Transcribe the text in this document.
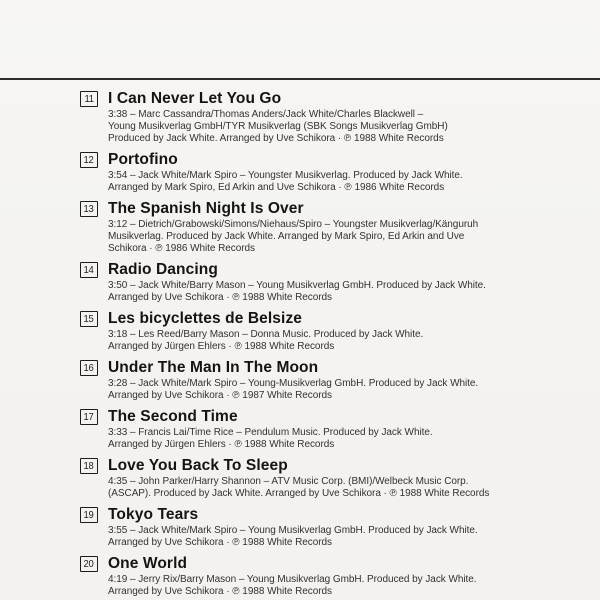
11 I Can Never Let You Go
3:38 – Marc Cassandra/Thomas Anders/Jack White/Charles Blackwell –
Young Musikverlag GmbH/TYR Musikverlag (SBK Songs Musikverlag GmbH)
Produced by Jack White. Arranged by Uve Schikora · ℗ 1988 White Records
12 Portofino
3:54 – Jack White/Mark Spiro – Youngster Musikverlag. Produced by Jack White.
Arranged by Mark Spiro, Ed Arkin and Uve Schikora · ℗ 1986 White Records
13 The Spanish Night Is Over
3:12 – Dietrich/Grabowski/Simons/Niehaus/Spiro – Youngster Musikverlag/Känguruh
Musikverlag. Produced by Jack White. Arranged by Mark Spiro, Ed Arkin and Uve
Schikora · ℗ 1986 White Records
14 Radio Dancing
3:50 – Jack White/Barry Mason – Young Musikverlag GmbH. Produced by Jack White.
Arranged by Uve Schikora · ℗ 1988 White Records
15 Les bicyclettes de Belsize
3:18 – Les Reed/Barry Mason – Donna Music. Produced by Jack White.
Arranged by Jürgen Ehlers · ℗ 1988 White Records
16 Under The Man In The Moon
3:28 – Jack White/Mark Spiro – Young-Musikverlag GmbH. Produced by Jack White.
Arranged by Uve Schikora · ℗ 1987 White Records
17 The Second Time
3:33 – Francis Lai/Time Rice – Pendulum Music. Produced by Jack White.
Arranged by Jürgen Ehlers · ℗ 1988 White Records
18 Love You Back To Sleep
4:35 – John Parker/Harry Shannon – ATV Music Corp. (BMI)/Welbeck Music Corp.
(ASCAP). Produced by Jack White. Arranged by Uve Schikora · ℗ 1988 White Records
19 Tokyo Tears
3:55 – Jack White/Mark Spiro – Young Musikverlag GmbH. Produced by Jack White.
Arranged by Uve Schikora · ℗ 1988 White Records
20 One World
4:19 – Jerry Rix/Barry Mason – Young Musikverlag GmbH. Produced by Jack White.
Arranged by Uve Schikora · ℗ 1988 White Records
